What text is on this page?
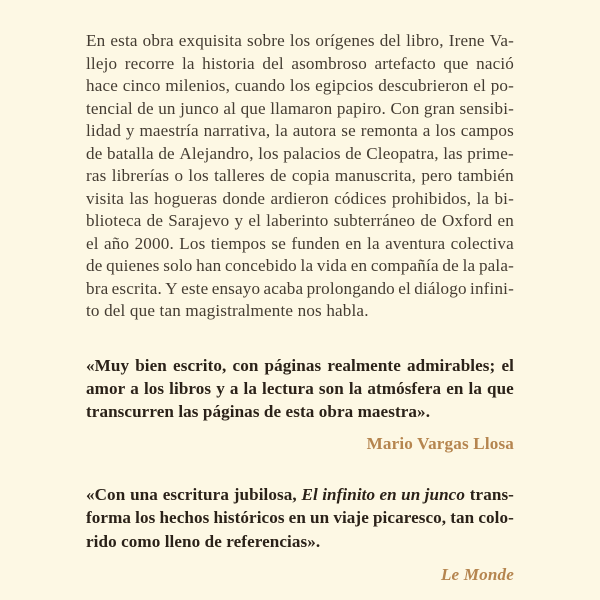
En esta obra exquisita sobre los orígenes del libro, Irene Va-
llejo recorre la historia del asombroso artefacto que nació
hace cinco milenios, cuando los egipcios descubrieron el po-
tencial de un junco al que llamaron papiro. Con gran sensibi-
lidad y maestría narrativa, la autora se remonta a los campos
de batalla de Alejandro, los palacios de Cleopatra, las prime-
ras librerías o los talleres de copia manuscrita, pero también
visita las hogueras donde ardieron códices prohibidos, la bi-
blioteca de Sarajevo y el laberinto subterráneo de Oxford en
el año 2000. Los tiempos se funden en la aventura colectiva
de quienes solo han concebido la vida en compañía de la pala-
bra escrita. Y este ensayo acaba prolongando el diálogo infini-
to del que tan magistralmente nos habla.

«Muy bien escrito, con páginas realmente admirables; el
amor a los libros y a la lectura son la atmósfera en la que
transcurren las páginas de esta obra maestra».

Mario Vargas Llosa

«Con una escritura jubilosa, El infinito en un junco trans-
forma los hechos históricos en un viaje picaresco, tan colo-
rido como lleno de referencias».

Le Monde
